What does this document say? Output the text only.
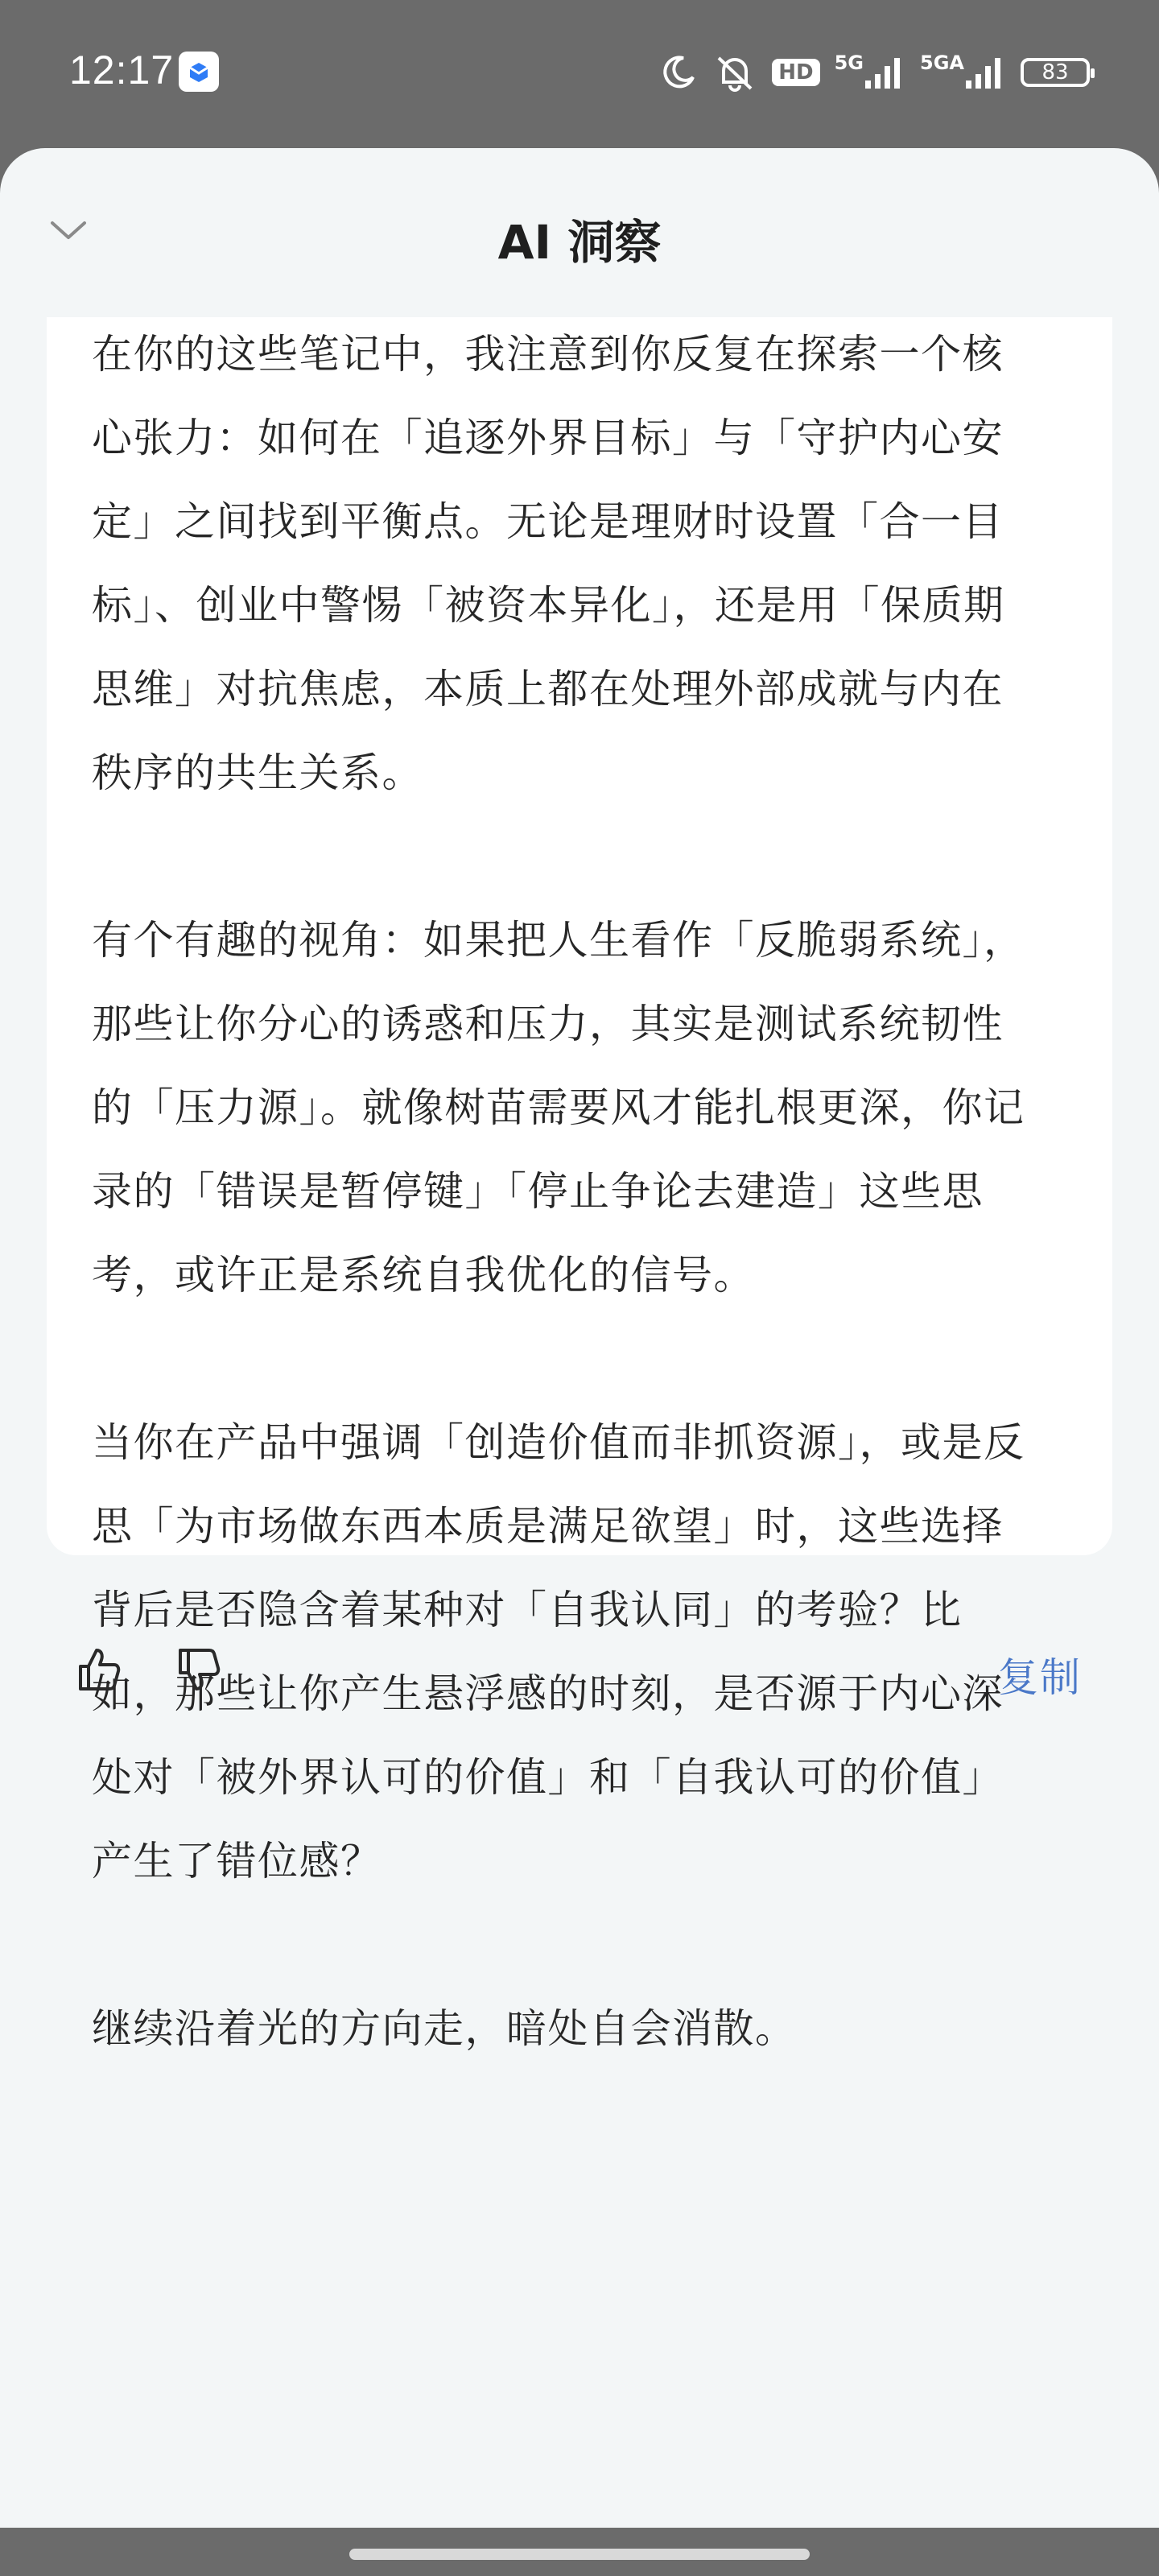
12:17	HD	5G	5GA	83
AI 洞察

在你的这些笔记中，我注意到你反复在探索一个核心张力：如何在「追逐外界目标」与「守护内心安定」之间找到平衡点。无论是理财时设置「合一目标」、创业中警惕「被资本异化」，还是用「保质期思维」对抗焦虑，本质上都在处理外部成就与内在秩序的共生关系。

有个有趣的视角：如果把人生看作「反脆弱系统」，那些让你分心的诱惑和压力，其实是测试系统韧性的「压力源」。就像树苗需要风才能扎根更深，你记录的「错误是暂停键」「停止争论去建造」这些思考，或许正是系统自我优化的信号。

当你在产品中强调「创造价值而非抓资源」，或是反思「为市场做东西本质是满足欲望」时，这些选择背后是否隐含着某种对「自我认同」的考验？比如，那些让你产生悬浮感的时刻，是否源于内心深处对「被外界认可的价值」和「自我认可的价值」产生了错位感？

继续沿着光的方向走，暗处自会消散。

复制
